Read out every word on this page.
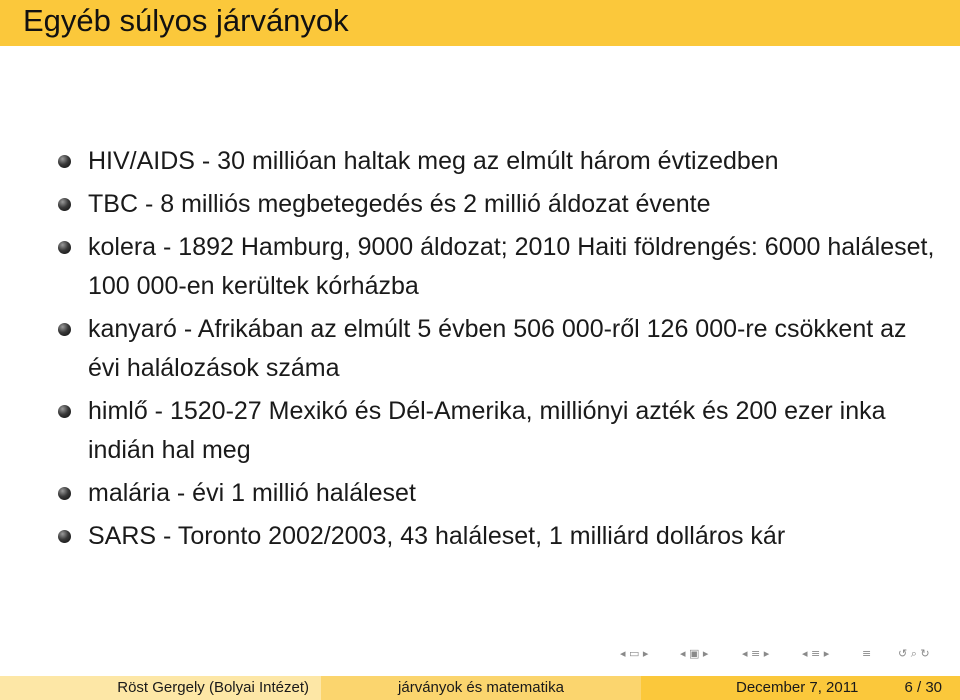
Egyéb súlyos járványok
HIV/AIDS - 30 millióan haltak meg az elmúlt három évtizedben
TBC - 8 milliós megbetegedés és 2 millió áldozat évente
kolera - 1892 Hamburg, 9000 áldozat; 2010 Haiti földrengés: 6000 haláleset, 100 000-en kerültek kórházba
kanyaró - Afrikában az elmúlt 5 évben 506 000-ről 126 000-re csökkent az évi halálozások száma
himlő - 1520-27 Mexikó és Dél-Amerika, milliónyi azték és 200 ezer inka indián hal meg
malária - évi 1 millió haláleset
SARS - Toronto 2002/2003, 43 haláleset, 1 milliárd dolláros kár
◂ ▭ ▸	◂ ▣ ▸	◂ ≡ ▸	◂ ≡ ▸	≡ ↺ ⌕ ↻
Röst Gergely (Bolyai Intézet)	járványok és matematika	December 7, 2011	6 / 30
